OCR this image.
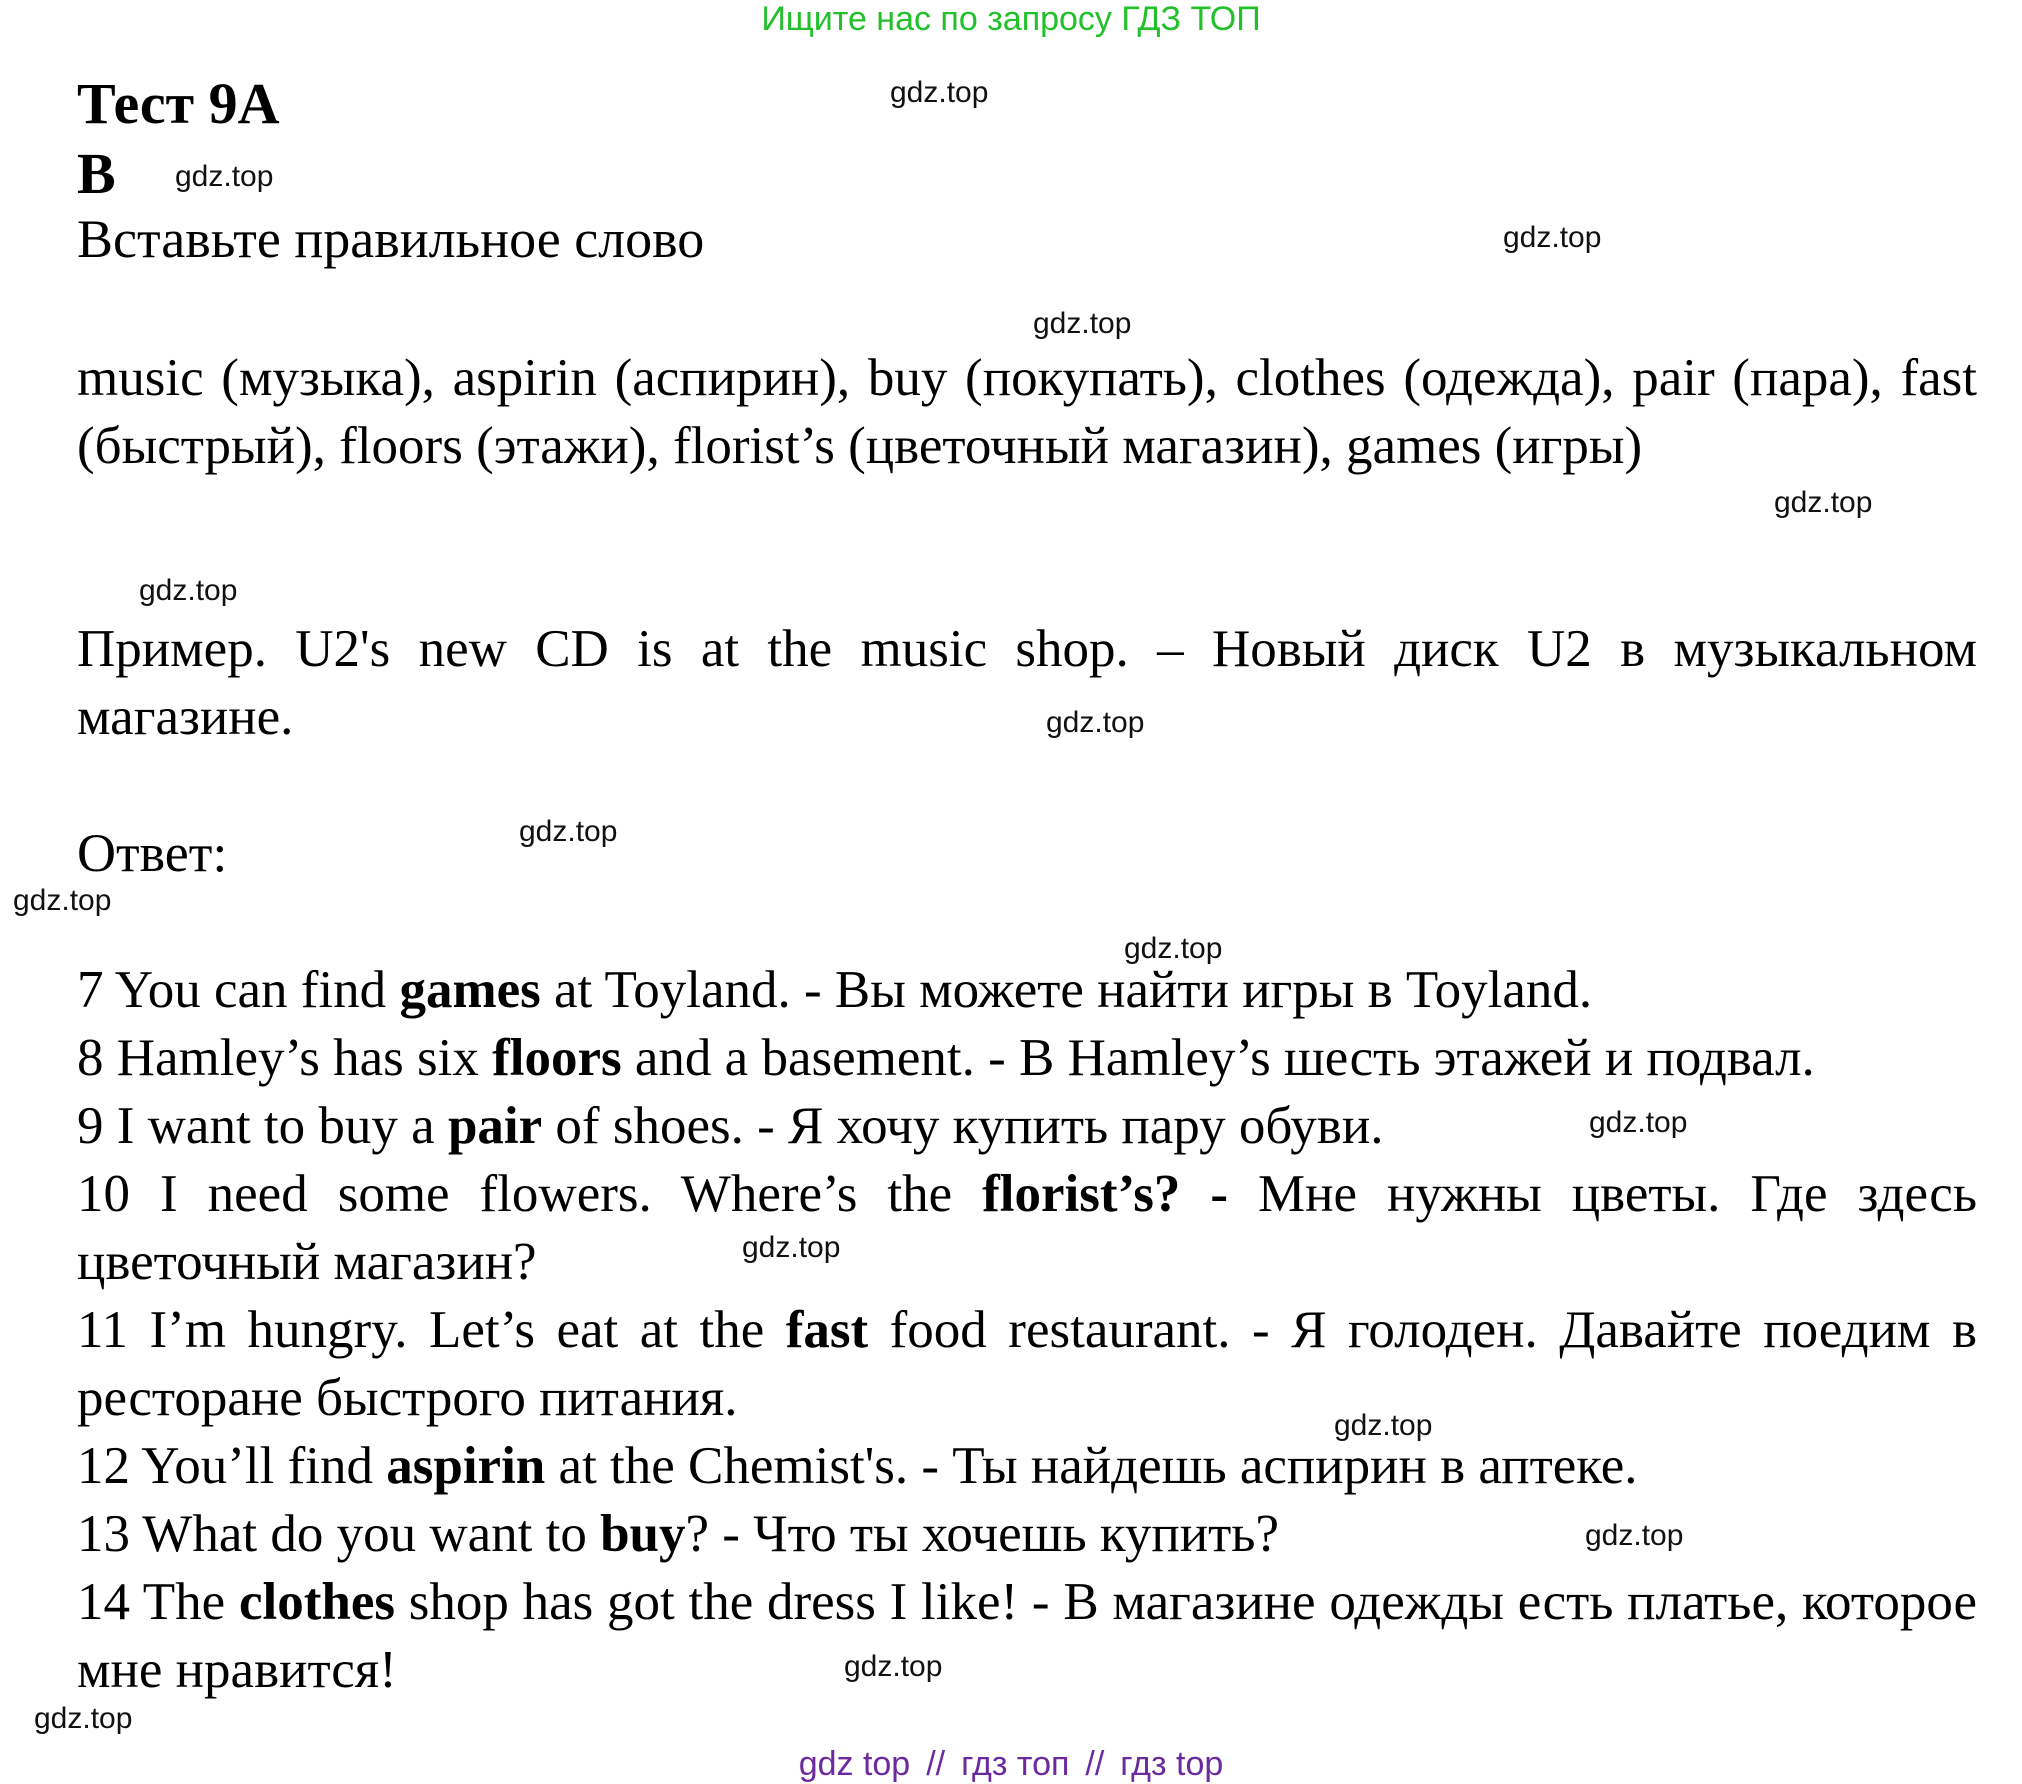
Ищите нас по запросу ГДЗ ТОП
Тест 9А
B
Вставьте правильное слово
music (музыка), aspirin (аспирин), buy (покупать), clothes (одежда), pair (пара), fast (быстрый), floors (этажи), florist’s (цветочный магазин), games (игры)
Пример. U2's new CD is at the music shop. – Новый диск U2 в музыкальном магазине.
Ответ:
7 You can find games at Toyland. - Вы можете найти игры в Toyland.
8 Hamley’s has six floors and a basement. - В Hamley’s шесть этажей и подвал.
9 I want to buy a pair of shoes. - Я хочу купить пару обуви.
10 I need some flowers. Where’s the florist’s? - Мне нужны цветы. Где здесь цветочный магазин?
11 I’m hungry. Let’s eat at the fast food restaurant. - Я голоден. Давайте поедим в ресторане быстрого питания.
12 You’ll find aspirin at the Chemist's. - Ты найдешь аспирин в аптеке.
13 What do you want to buy? - Что ты хочешь купить?
14 The clothes shop has got the dress I like! - В магазине одежды есть платье, которое мне нравится!
gdz.top
gdz.top
gdz.top
gdz.top
gdz.top
gdz.top
gdz.top
gdz.top
gdz.top
gdz.top
gdz.top
gdz.top
gdz.top
gdz.top
gdz.top
gdz.top
gdz top // гдз топ // гдз top
